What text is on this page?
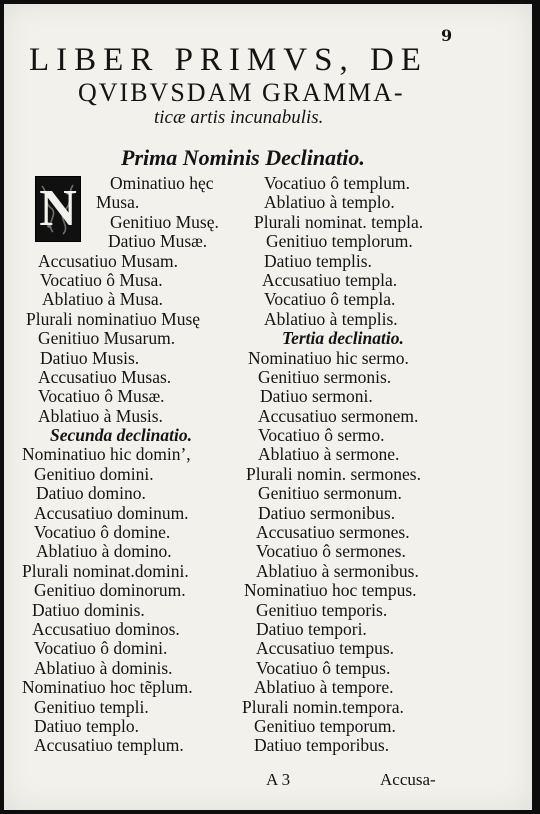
9
LIBER PRIMVS, DE
QVIBVSDAM GRAMMA-
ticæ artis incunabulis.
Prima Nominis Declinatio.
Ominatiuo hęc
Musa.
Genitiuo Musę.
Datiuo Musæ.
Accusatiuo Musam.
Vocatiuo ô Musa.
Ablatiuo à Musa.
Plurali nominatiuo Musę
Genitiuo Musarum.
Datiuo Musis.
Accusatiuo Musas.
Vocatiuo ô Musæ.
Ablatiuo à Musis.
Secunda declinatio.
Nominatiuo hic domin’,
Genitiuo domini.
Datiuo domino.
Accusatiuo dominum.
Vocatiuo ô domine.
Ablatiuo à domino.
Plurali nominat.domini.
Genitiuo dominorum.
Datiuo dominis.
Accusatiuo dominos.
Vocatiuo ô domini.
Ablatiuo à dominis.
Nominatiuo hoc tẽplum.
Genitiuo templi.
Datiuo templo.
Accusatiuo templum.
Vocatiuo ô templum.
Ablatiuo à templo.
Plurali nominat. templa.
Genitiuo templorum.
Datiuo templis.
Accusatiuo templa.
Vocatiuo ô templa.
Ablatiuo à templis.
Tertia declinatio.
Nominatiuo hic sermo.
Genitiuo sermonis.
Datiuo sermoni.
Accusatiuo sermonem.
Vocatiuo ô sermo.
Ablatiuo à sermone.
Plurali nomin. sermones.
Genitiuo sermonum.
Datiuo sermonibus.
Accusatiuo sermones.
Vocatiuo ô sermones.
Ablatiuo à sermonibus.
Nominatiuo hoc tempus.
Genitiuo temporis.
Datiuo tempori.
Accusatiuo tempus.
Vocatiuo ô tempus.
Ablatiuo à tempore.
Plurali nomin.tempora.
Genitiuo temporum.
Datiuo temporibus.
N
A 3	Accusa-
